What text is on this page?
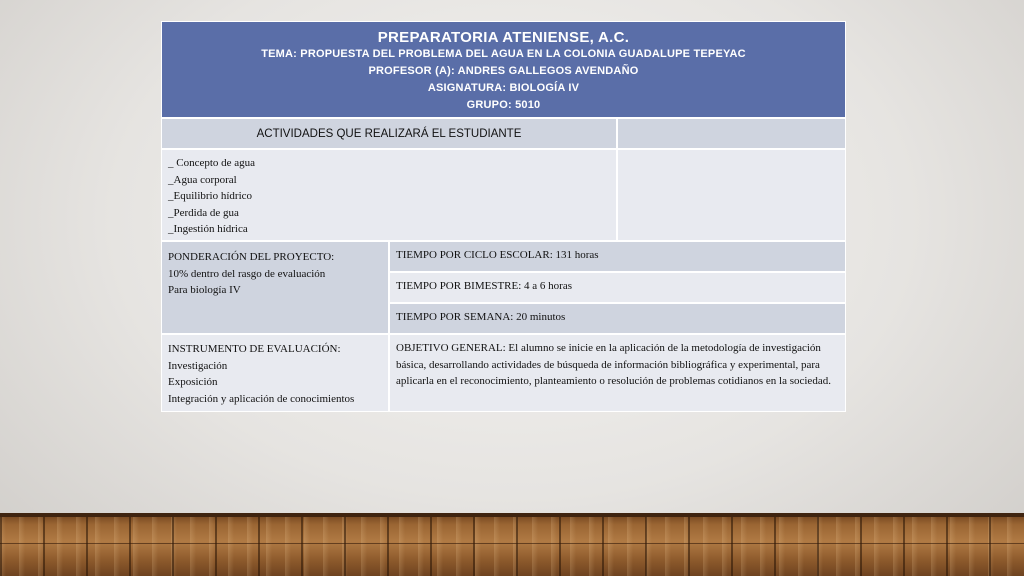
PREPARATORIA ATENIENSE, A.C.
TEMA: PROPUESTA DEL PROBLEMA DEL AGUA EN LA COLONIA GUADALUPE TEPEYAC
PROFESOR (A): ANDRES GALLEGOS AVENDAÑO
ASIGNATURA: BIOLOGÍA IV
GRUPO: 5010
ACTIVIDADES QUE REALIZARÁ EL ESTUDIANTE
_ Concepto de agua
_Agua corporal
_Equilibrio hídrico
_Perdida de gua
_Ingestión hídrica
PONDERACIÓN DEL PROYECTO:
10% dentro del rasgo de evaluación
Para biología IV
TIEMPO POR CICLO ESCOLAR: 131 horas
TIEMPO POR BIMESTRE: 4 a 6 horas
TIEMPO POR SEMANA: 20 minutos
INSTRUMENTO DE EVALUACIÓN:
Investigación
Exposición
Integración y aplicación de conocimientos
OBJETIVO GENERAL: El alumno se inicie en la aplicación de la metodología de investigación básica, desarrollando actividades de búsqueda de información bibliográfica y experimental, para aplicarla en el reconocimiento, planteamiento o resolución de problemas cotidianos en la sociedad.
